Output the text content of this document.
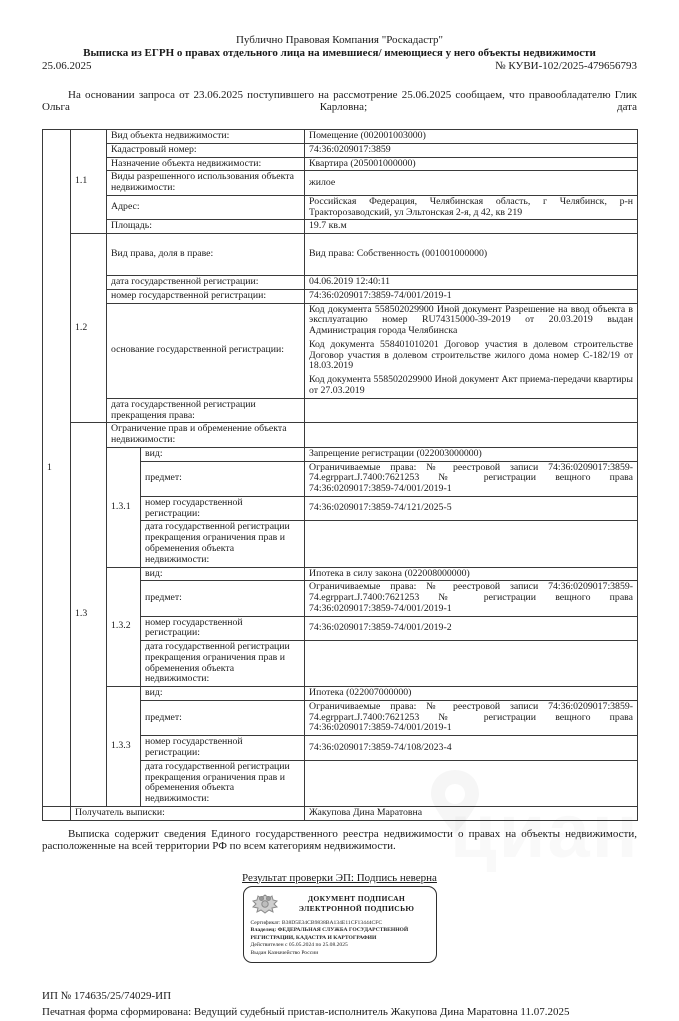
Публично Правовая Компания "Роскадастр"
Выписка из ЕГРН о правах отдельного лица на имевшиеся/ имеющиеся у него объекты недвижимости
25.06.2025	№ КУВИ-102/2025-479656793
На основании запроса от 23.06.2025 поступившего на рассмотрение 25.06.2025 сообщаем, что правообладателю Глик Ольга Карловна; дата
1	1.1	Вид объекта недвижимости:		Помещение (002001003000)
		Кадастровый номер:		74:36:0209017:3859
		Назначение объекта недвижимости:		Квартира (205001000000)
		Виды разрешенного использования объекта недвижимости:		жилое
		Адрес:		Российская Федерация, Челябинская область, г Челябинск, р-н Тракторозаводский, ул Эльтонская 2-я, д 42, кв 219
		Площадь:		19.7 кв.м
	1.2	Вид права, доля в праве:		Вид права: Собственность (001001000000)
		дата государственной регистрации:		04.06.2019 12:40:11
		номер государственной регистрации:		74:36:0209017:3859-74/001/2019-1
		основание государственной регистрации:		Код документа 558502029900 Иной документ Разрешение на ввод объекта в эксплуатацию номер RU74315000-39-2019 от 20.03.2019 выдан Администрация города Челябинска
Код документа 558401010201 Договор участия в долевом строительстве Договор участия в долевом строительстве жилого дома номер С-182/19 от 18.03.2019
Код документа 558502029900 Иной документ Акт приема-передачи квартиры от 27.03.2019

		дата государственной регистрации прекращения права:		
	1.3	Ограничение прав и обременение объекта недвижимости:		
		1.3.1	вид:	Запрещение регистрации (022003000000)
			предмет:	Ограничиваемые права: № реестровой записи 74:36:0209017:3859-74.egrppart.J.7400:7621253 № регистрации вещного права 74:36:0209017:3859-74/001/2019-1
			номер государственной регистрации:	74:36:0209017:3859-74/121/2025-5
			дата государственной регистрации прекращения ограничения прав и обременения объекта недвижимости:	
		1.3.2	вид:	Ипотека в силу закона (022008000000)
			предмет:	Ограничиваемые права: № реестровой записи 74:36:0209017:3859-74.egrppart.J.7400:7621253 № регистрации вещного права 74:36:0209017:3859-74/001/2019-1
			номер государственной регистрации:	74:36:0209017:3859-74/001/2019-2
			дата государственной регистрации прекращения ограничения прав и обременения объекта недвижимости:	
		1.3.3	вид:	Ипотека (022007000000)
			предмет:	Ограничиваемые права: № реестровой записи 74:36:0209017:3859-74.egrppart.J.7400:7621253 № регистрации вещного права 74:36:0209017:3859-74/001/2019-1
			номер государственной регистрации:	74:36:0209017:3859-74/108/2023-4
			дата государственной регистрации прекращения ограничения прав и обременения объекта недвижимости:	
	Получатель выписки:			Жакупова Дина Маратовна
Выписка содержит сведения Единого государственного реестра недвижимости о правах на объекты недвижимости, расположенные на всей территории РФ по всем категориям недвижимости.
Результат проверки ЭП: Подпись неверна
ДОКУМЕНТ ПОДПИСАН
ЭЛЕКТРОННОЙ ПОДПИСЬЮ
Сертификат: B38D5E34CB9838BA134E11CF13444CFC
Владелец: ФЕДЕРАЛЬНАЯ СЛУЖБА ГОСУДАРСТВЕННОЙ РЕГИСТРАЦИИ, КАДАСТРА И КАРТОГРАФИИ
Действителен с 05.05.2024 по 25.08.2025
Выдан Казначейство России
ИП № 174635/25/74029-ИП
Печатная форма сформирована: Ведущий судебный пристав-исполнитель Жакупова Дина Маратовна 11.07.2025
